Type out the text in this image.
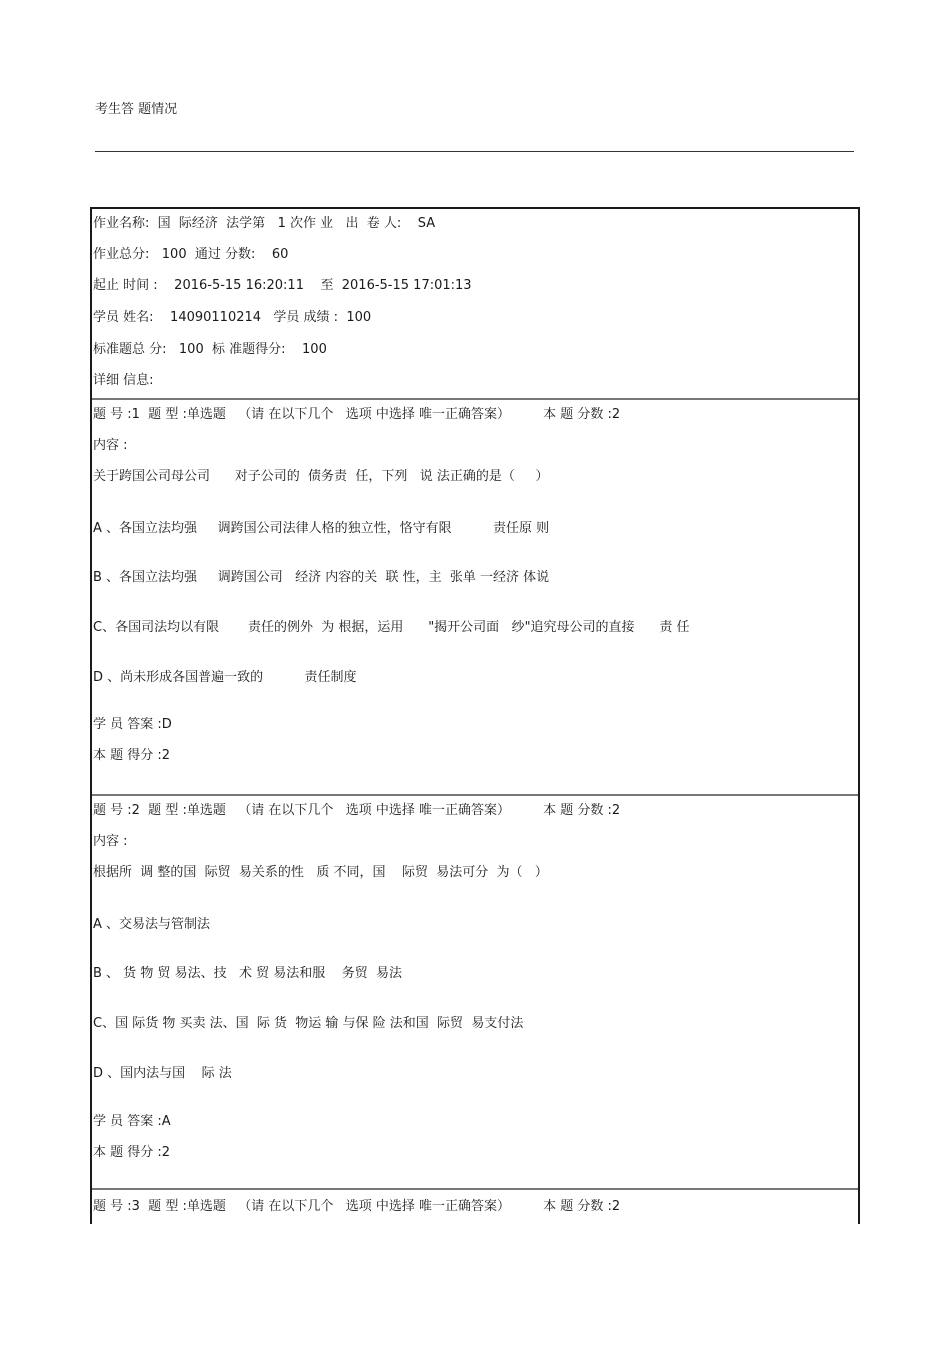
考生答 题情况
作业名称:  国  际经济  法学第   1 次作 业   出  卷 人:    SA
作业总分:   100  通过 分数:    60
起止 时间 :    2016-5-15 16:20:11    至  2016-5-15 17:01:13
学员 姓名:    14090110214   学员 成绩 :  100
标准题总 分:   100  标 准题得分:    100
详细 信息:
题 号 :1  题 型 :单选题   （请 在以下几个   选项 中选择 唯一正确答案）        本 题 分数 :2
内容 :
关于跨国公司母公司      对子公司的  债务责  任，下列   说 法正确的是（     ）
A 、各国立法均强     调跨国公司法律人格的独立性，恪守有限          责任原 则
B 、各国立法均强     调跨国公司   经济 内容的关  联 性，主  张单 一经济 体说
C、各国司法均以有限       责任的例外  为 根据，运用      "揭开公司面   纱"追究母公司的直接      责 任
D 、尚未形成各国普遍一致的          责任制度
学 员 答案 :D
本 题 得分 :2
题 号 :2  题 型 :单选题   （请 在以下几个   选项 中选择 唯一正确答案）        本 题 分数 :2
内容 :
根据所  调 整的国  际贸  易关系的性   质 不同，国    际贸  易法可分  为（   ）
A 、交易法与管制法
B 、 货 物 贸 易法、技   术 贸 易法和服    务贸  易法
C、国 际货 物 买卖 法、国  际 货  物运 输 与保 险 法和国  际贸  易支付法
D 、国内法与国    际 法
学 员 答案 :A
本 题 得分 :2
题 号 :3  题 型 :单选题   （请 在以下几个   选项 中选择 唯一正确答案）        本 题 分数 :2
